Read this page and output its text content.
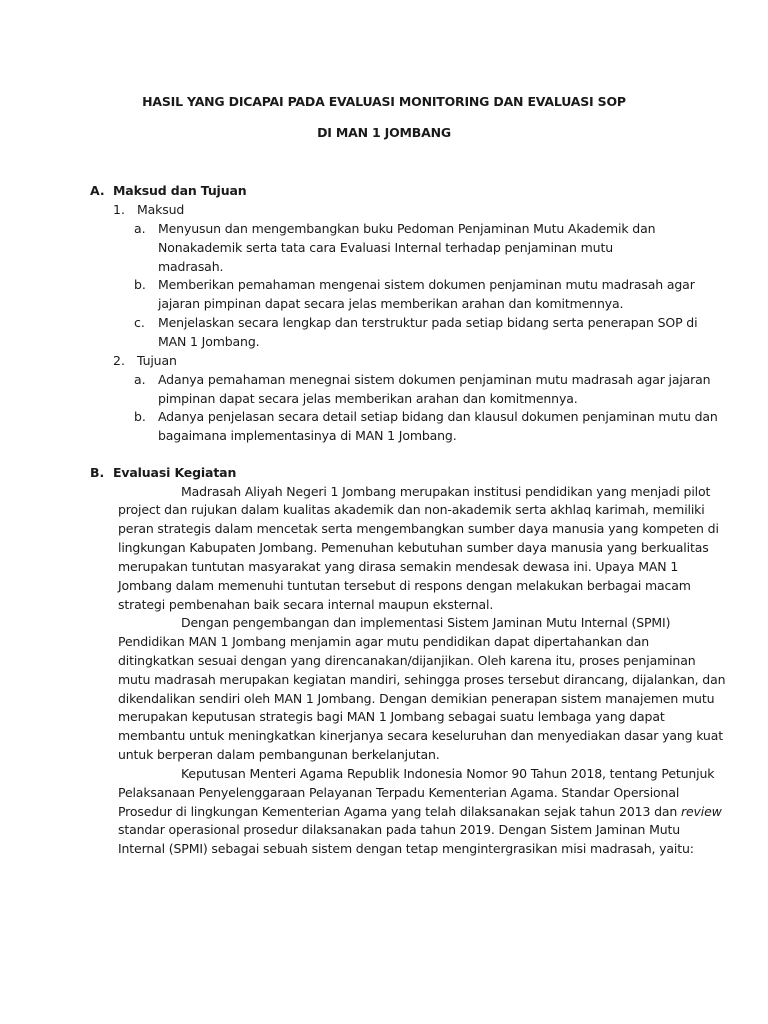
HASIL YANG DICAPAI PADA EVALUASI MONITORING DAN EVALUASI SOP
DI MAN 1 JOMBANG
A. Maksud dan Tujuan
1. Maksud
a. Menyusun dan mengembangkan buku Pedoman Penjaminan Mutu Akademik dan
Nonakademik serta tata cara Evaluasi Internal terhadap penjaminan mutu
madrasah.
b. Memberikan pemahaman mengenai sistem dokumen penjaminan mutu madrasah agar
jajaran pimpinan dapat secara jelas memberikan arahan dan komitmennya.
c. Menjelaskan secara lengkap dan terstruktur pada setiap bidang serta penerapan SOP di
MAN 1 Jombang.
2. Tujuan
a. Adanya pemahaman menegnai sistem dokumen penjaminan mutu madrasah agar jajaran
pimpinan dapat secara jelas memberikan arahan dan komitmennya.
b. Adanya penjelasan secara detail setiap bidang dan klausul dokumen penjaminan mutu dan
bagaimana implementasinya di MAN 1 Jombang.
B. Evaluasi Kegiatan
Madrasah Aliyah Negeri 1 Jombang merupakan institusi pendidikan yang menjadi pilot
project dan rujukan dalam kualitas akademik dan non-akademik serta akhlaq karimah, memiliki
peran strategis dalam mencetak serta mengembangkan sumber daya manusia yang kompeten di
lingkungan Kabupaten Jombang. Pemenuhan kebutuhan sumber daya manusia yang berkualitas
merupakan tuntutan masyarakat yang dirasa semakin mendesak dewasa ini. Upaya MAN 1
Jombang dalam memenuhi tuntutan tersebut di respons dengan melakukan berbagai macam
strategi pembenahan baik secara internal maupun eksternal.
Dengan pengembangan dan implementasi Sistem Jaminan Mutu Internal (SPMI)
Pendidikan MAN 1 Jombang menjamin agar mutu pendidikan dapat dipertahankan dan
ditingkatkan sesuai dengan yang direncanakan/dijanjikan. Oleh karena itu, proses penjaminan
mutu madrasah merupakan kegiatan mandiri, sehingga proses tersebut dirancang, dijalankan, dan
dikendalikan sendiri oleh MAN 1 Jombang. Dengan demikian penerapan sistem manajemen mutu
merupakan keputusan strategis bagi MAN 1 Jombang sebagai suatu lembaga yang dapat
membantu untuk meningkatkan kinerjanya secara keseluruhan dan menyediakan dasar yang kuat
untuk berperan dalam pembangunan berkelanjutan.
Keputusan Menteri Agama Republik Indonesia Nomor 90 Tahun 2018, tentang Petunjuk
Pelaksanaan Penyelenggaraan Pelayanan Terpadu Kementerian Agama. Standar Opersional
Prosedur di lingkungan Kementerian Agama yang telah dilaksanakan sejak tahun 2013 dan review
standar operasional prosedur dilaksanakan pada tahun 2019. Dengan Sistem Jaminan Mutu
Internal (SPMI) sebagai sebuah sistem dengan tetap mengintergrasikan misi madrasah, yaitu:
